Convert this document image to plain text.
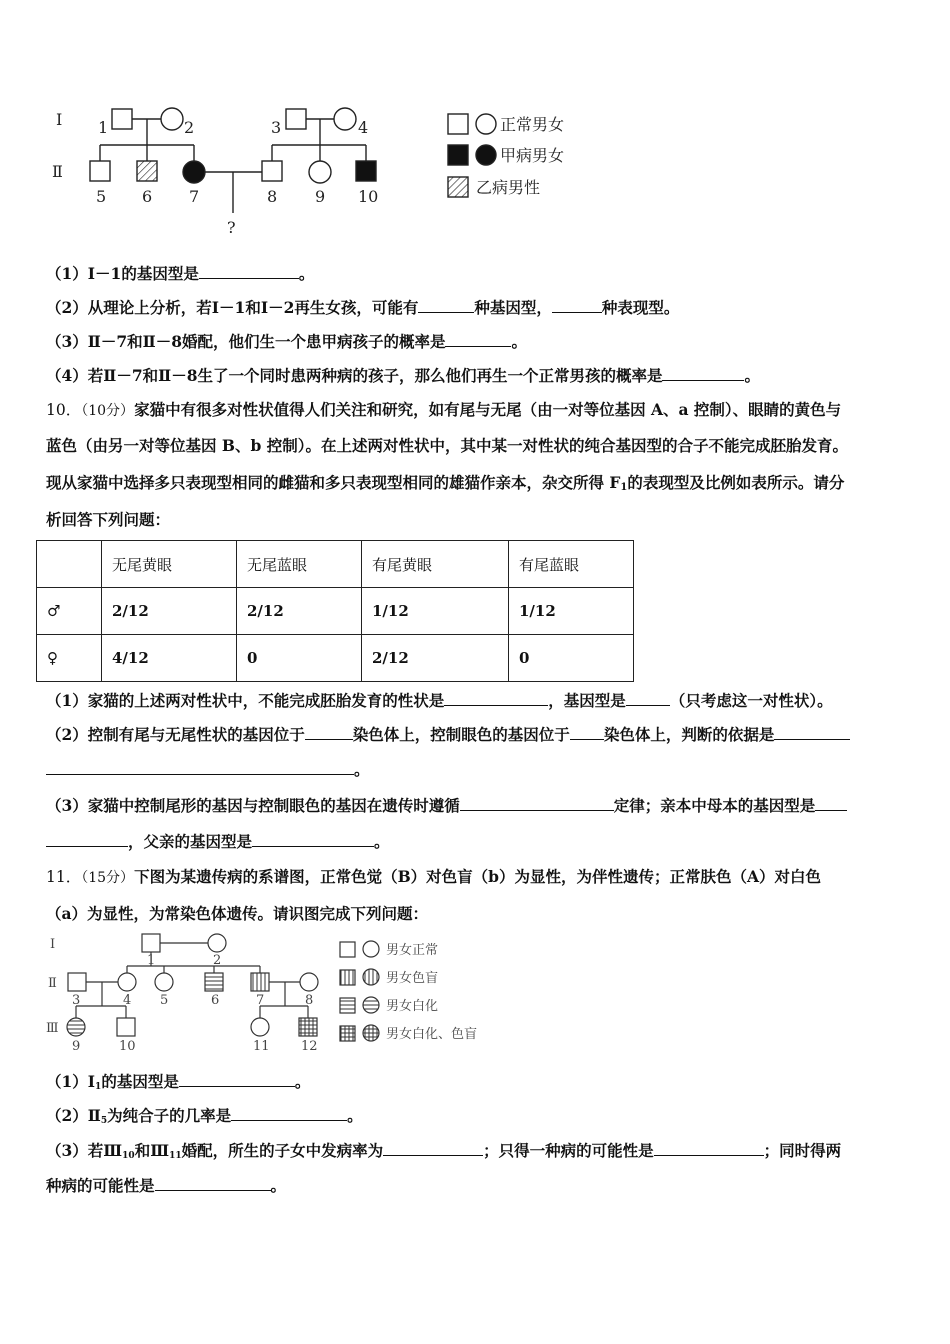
Ⅰ
Ⅱ
1	2	3	4
5 6 7	8 9 10
?
正常男女
甲病男女
乙病男性
（1）Ⅰ－1的基因型是	。
（2）从理论上分析，若Ⅰ－1和Ⅰ－2再生女孩，可能有	种基因型，	种表现型。
（3）Ⅱ－7和Ⅱ－8婚配，他们生一个患甲病孩子的概率是	。
（4）若Ⅱ－7和Ⅱ－8生了一个同时患两种病的孩子，那么他们再生一个正常男孩的概率是	。
10．（10分）家猫中有很多对性状值得人们关注和研究，如有尾与无尾（由一对等位基因 A、a 控制）、眼睛的黄色与
蓝色（由另一对等位基因 B、b 控制）。在上述两对性状中，其中某一对性状的纯合基因型的合子不能完成胚胎发育。
现从家猫中选择多只表现型相同的雌猫和多只表现型相同的雄猫作亲本，杂交所得 F1的表现型及比例如表所示。请分
析回答下列问题：
	无尾黄眼	无尾蓝眼	有尾黄眼	有尾蓝眼
♂	2/12	2/12	1/12	1/12
♀	4/12	0	2/12	0
（1）家猫的上述两对性状中，不能完成胚胎发育的性状是	，基因型是	（只考虑这一对性状）。
（2）控制有尾与无尾性状的基因位于	染色体上，控制眼色的基因位于 染色体上，判断的依据是
。
（3）家猫中控制尾形的基因与控制眼色的基因在遗传时遵循	定律；亲本中母本的基因型是
，父亲的基因型是	。
11．（15分）下图为某遗传病的系谱图，正常色觉（B）对色盲（b）为显性，为伴性遗传；正常肤色（A）对白色
（a）为显性，为常染色体遗传。请识图完成下列问题：
Ⅰ
Ⅱ
Ⅲ
1	2
3	4 5	6	7	8
9	10	11 12
男女正常
男女色盲
男女白化
男女白化、色盲
（1）Ⅰ1的基因型是	。
（2）Ⅱ5为纯合子的几率是	。
（3）若Ⅲ10和Ⅲ11婚配，所生的子女中发病率为	；只得一种病的可能性是	；同时得两
种病的可能性是	。
